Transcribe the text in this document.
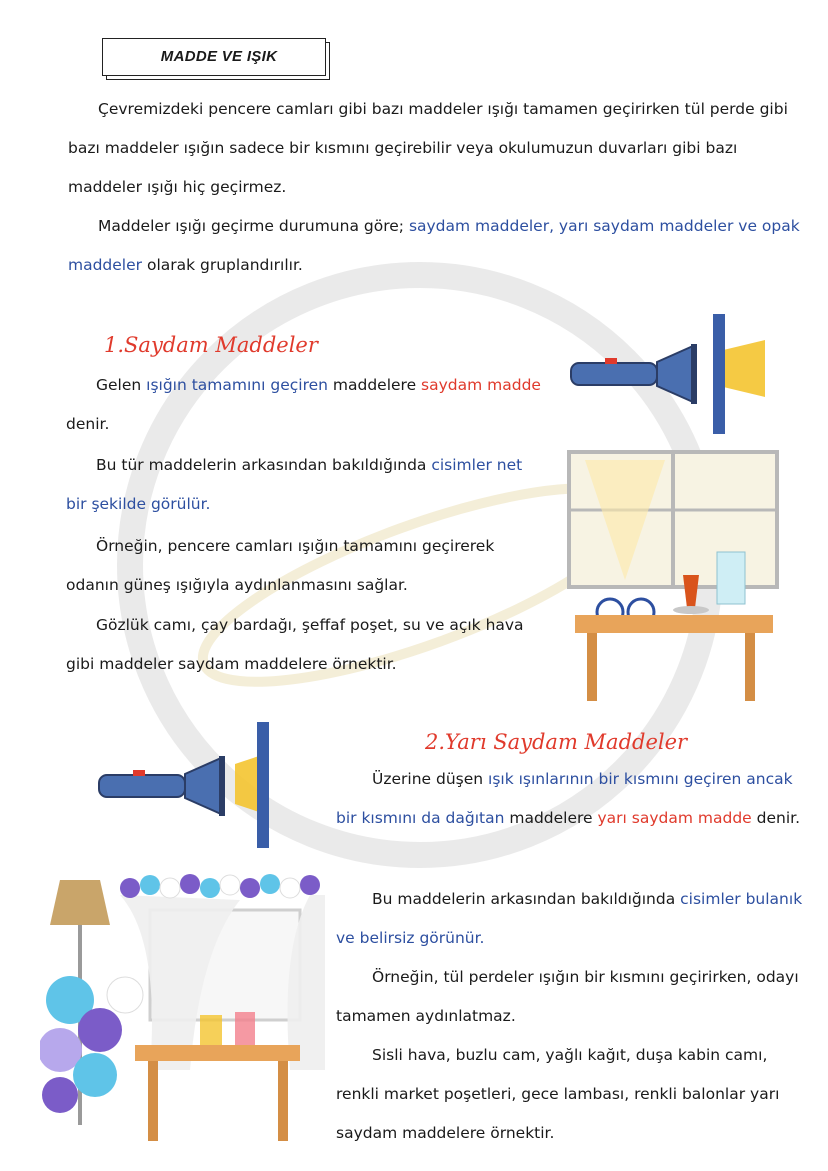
MADDE VE IŞIK

Çevremizdeki pencere camları gibi bazı maddeler ışığı tamamen geçirirken tül perde gibi bazı maddeler ışığın sadece bir kısmını geçirebilir veya okulumuzun duvarları gibi bazı maddeler ışığı hiç geçirmez.

Maddeler ışığı geçirme durumuna göre; saydam maddeler, yarı saydam maddeler ve opak maddeler olarak gruplandırılır.

1.Saydam Maddeler

Gelen ışığın tamamını geçiren maddelere saydam madde denir.

Bu tür maddelerin arkasından bakıldığında cisimler net bir şekilde görülür.

Örneğin, pencere camları ışığın tamamını geçirerek odanın güneş ışığıyla aydınlanmasını sağlar.

Gözlük camı, çay bardağı, şeffaf poşet, su ve açık hava gibi maddeler saydam maddelere örnektir.

2.Yarı Saydam Maddeler

Üzerine düşen ışık ışınlarının bir kısmını geçiren ancak bir kısmını da dağıtan maddelere yarı saydam madde denir.

Bu maddelerin arkasından bakıldığında cisimler bulanık ve belirsiz görünür.

Örneğin, tül perdeler ışığın bir kısmını geçirirken, odayı tamamen aydınlatmaz.

Sisli hava, buzlu cam, yağlı kağıt, duşa kabin camı, renkli market poşetleri, gece lambası, renkli balonlar yarı saydam maddelere örnektir.
